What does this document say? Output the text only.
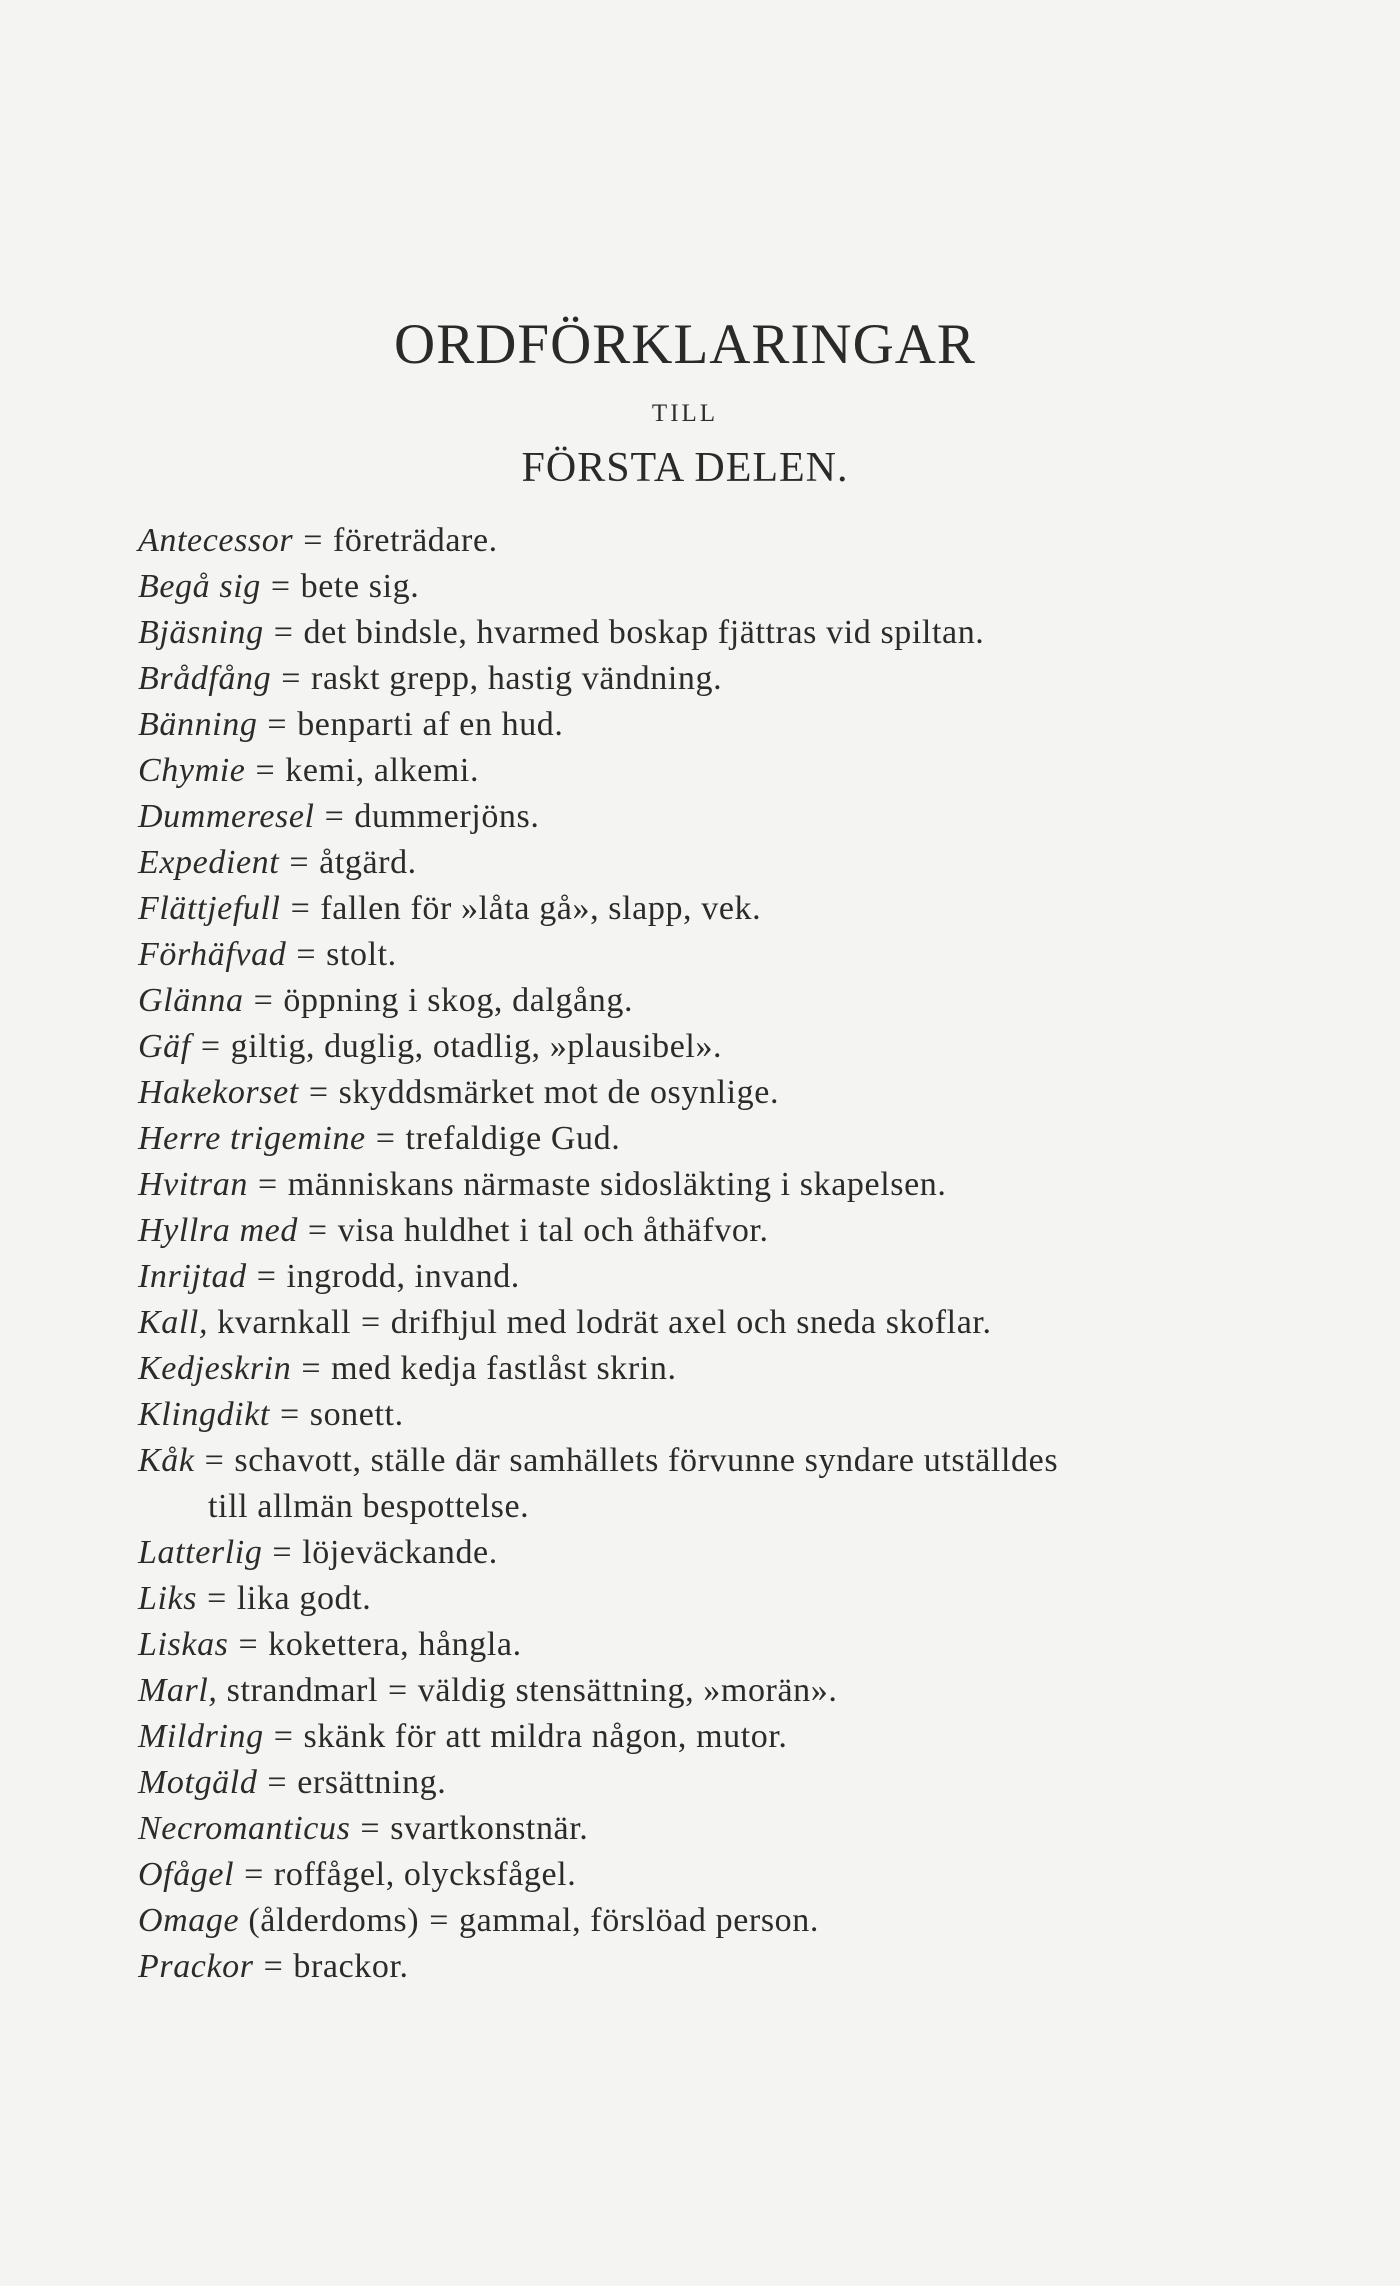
ORDFÖRKLARINGAR
TILL
FÖRSTA DELEN.
Antecessor = företrädare.
Begå sig = bete sig.
Bjäsning = det bindsle, hvarmed boskap fjättras vid spiltan.
Brådfång = raskt grepp, hastig vändning.
Bänning = benparti af en hud.
Chymie = kemi, alkemi.
Dummeresel = dummerjöns.
Expedient = åtgärd.
Flättjefull = fallen för »låta gå», slapp, vek.
Förhäfvad = stolt.
Glänna = öppning i skog, dalgång.
Gäf = giltig, duglig, otadlig, »plausibel».
Hakekorset = skyddsmärket mot de osynlige.
Herre trigemine = trefaldige Gud.
Hvitran = människans närmaste sidosläkting i skapelsen.
Hyllra med = visa huldhet i tal och åthäfvor.
Inrijtad = ingrodd, invand.
Kall, kvarnkall = drifhjul med lodrät axel och sneda skoflar.
Kedjeskrin = med kedja fastlåst skrin.
Klingdikt = sonett.
Kåk = schavott, ställe där samhällets förvunne syndare utställdes
till allmän bespottelse.
Latterlig = löjeväckande.
Liks = lika godt.
Liskas = kokettera, hångla.
Marl, strandmarl = väldig stensättning, »morän».
Mildring = skänk för att mildra någon, mutor.
Motgäld = ersättning.
Necromanticus = svartkonstnär.
Ofågel = roffågel, olycksfågel.
Omage (ålderdoms) = gammal, förslöad person.
Prackor = brackor.
